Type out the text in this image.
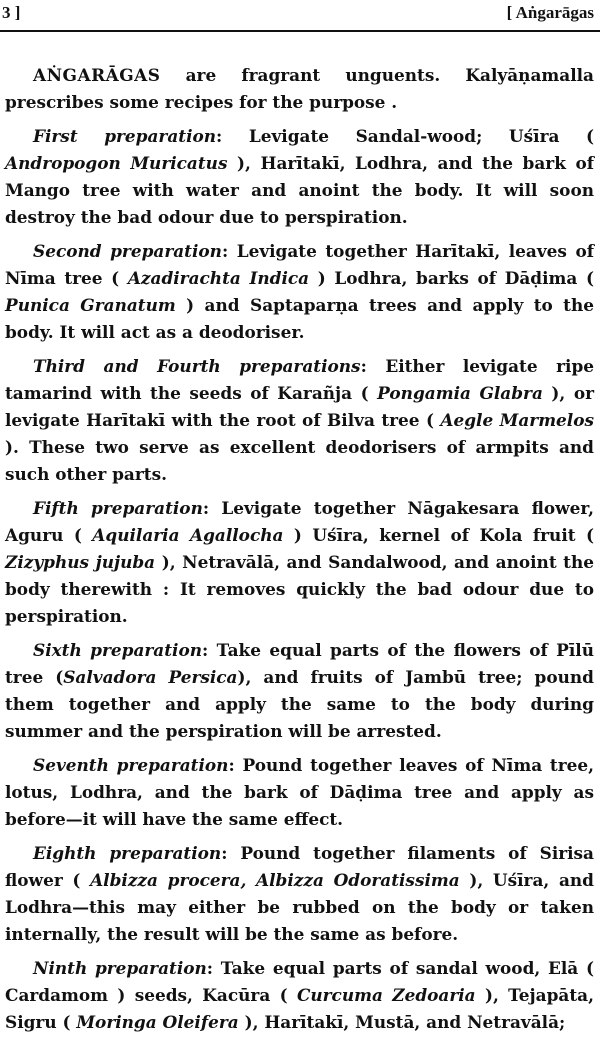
3 ]	[ Aṅgarāgas

AṄGARĀGAS are fragrant unguents. Kalyāṇamalla prescribes some recipes for the purpose .

First preparation: Levigate Sandal-wood; Uśīra ( Andropogon Muricatus ), Harītakī, Lodhra, and the bark of Mango tree with water and anoint the body. It will soon destroy the bad odour due to perspiration.

Second preparation: Levigate together Harītakī, leaves of Nīma tree ( Azadirachta Indica ) Lodhra, barks of Dāḍima ( Punica Granatum ) and Saptaparṇa trees and apply to the body. It will act as a deodoriser.

Third and Fourth preparations: Either levigate ripe tamarind with the seeds of Karañja ( Pongamia Glabra ), or levigate Harītakī with the root of Bilva tree ( Aegle Marmelos ). These two serve as excellent deodorisers of armpits and such other parts.

Fifth preparation: Levigate together Nāgakesara flower, Aguru ( Aquilaria Agallocha ) Uśīra, kernel of Kola fruit ( Zizyphus jujuba ), Netravālā, and Sandalwood, and anoint the body therewith : It removes quickly the bad odour due to perspiration.

Sixth preparation: Take equal parts of the flowers of Pīlū tree (Salvadora Persica), and fruits of Jambū tree; pound them together and apply the same to the body during summer and the perspiration will be arrested.

Seventh preparation: Pound together leaves of Nīma tree, lotus, Lodhra, and the bark of Dāḍima tree and apply as before—it will have the same effect.

Eighth preparation: Pound together filaments of Sirisa flower ( Albizza procera, Albizza Odoratissima ), Uśīra, and Lodhra—this may either be rubbed on the body or taken internally, the result will be the same as before.

Ninth preparation: Take equal parts of sandal wood, Elā ( Cardamom ) seeds, Kacūra ( Curcuma Zedoaria ), Tejapāta, Sigru ( Moringa Oleifera ), Harītakī, Mustā, and Netravālā;
